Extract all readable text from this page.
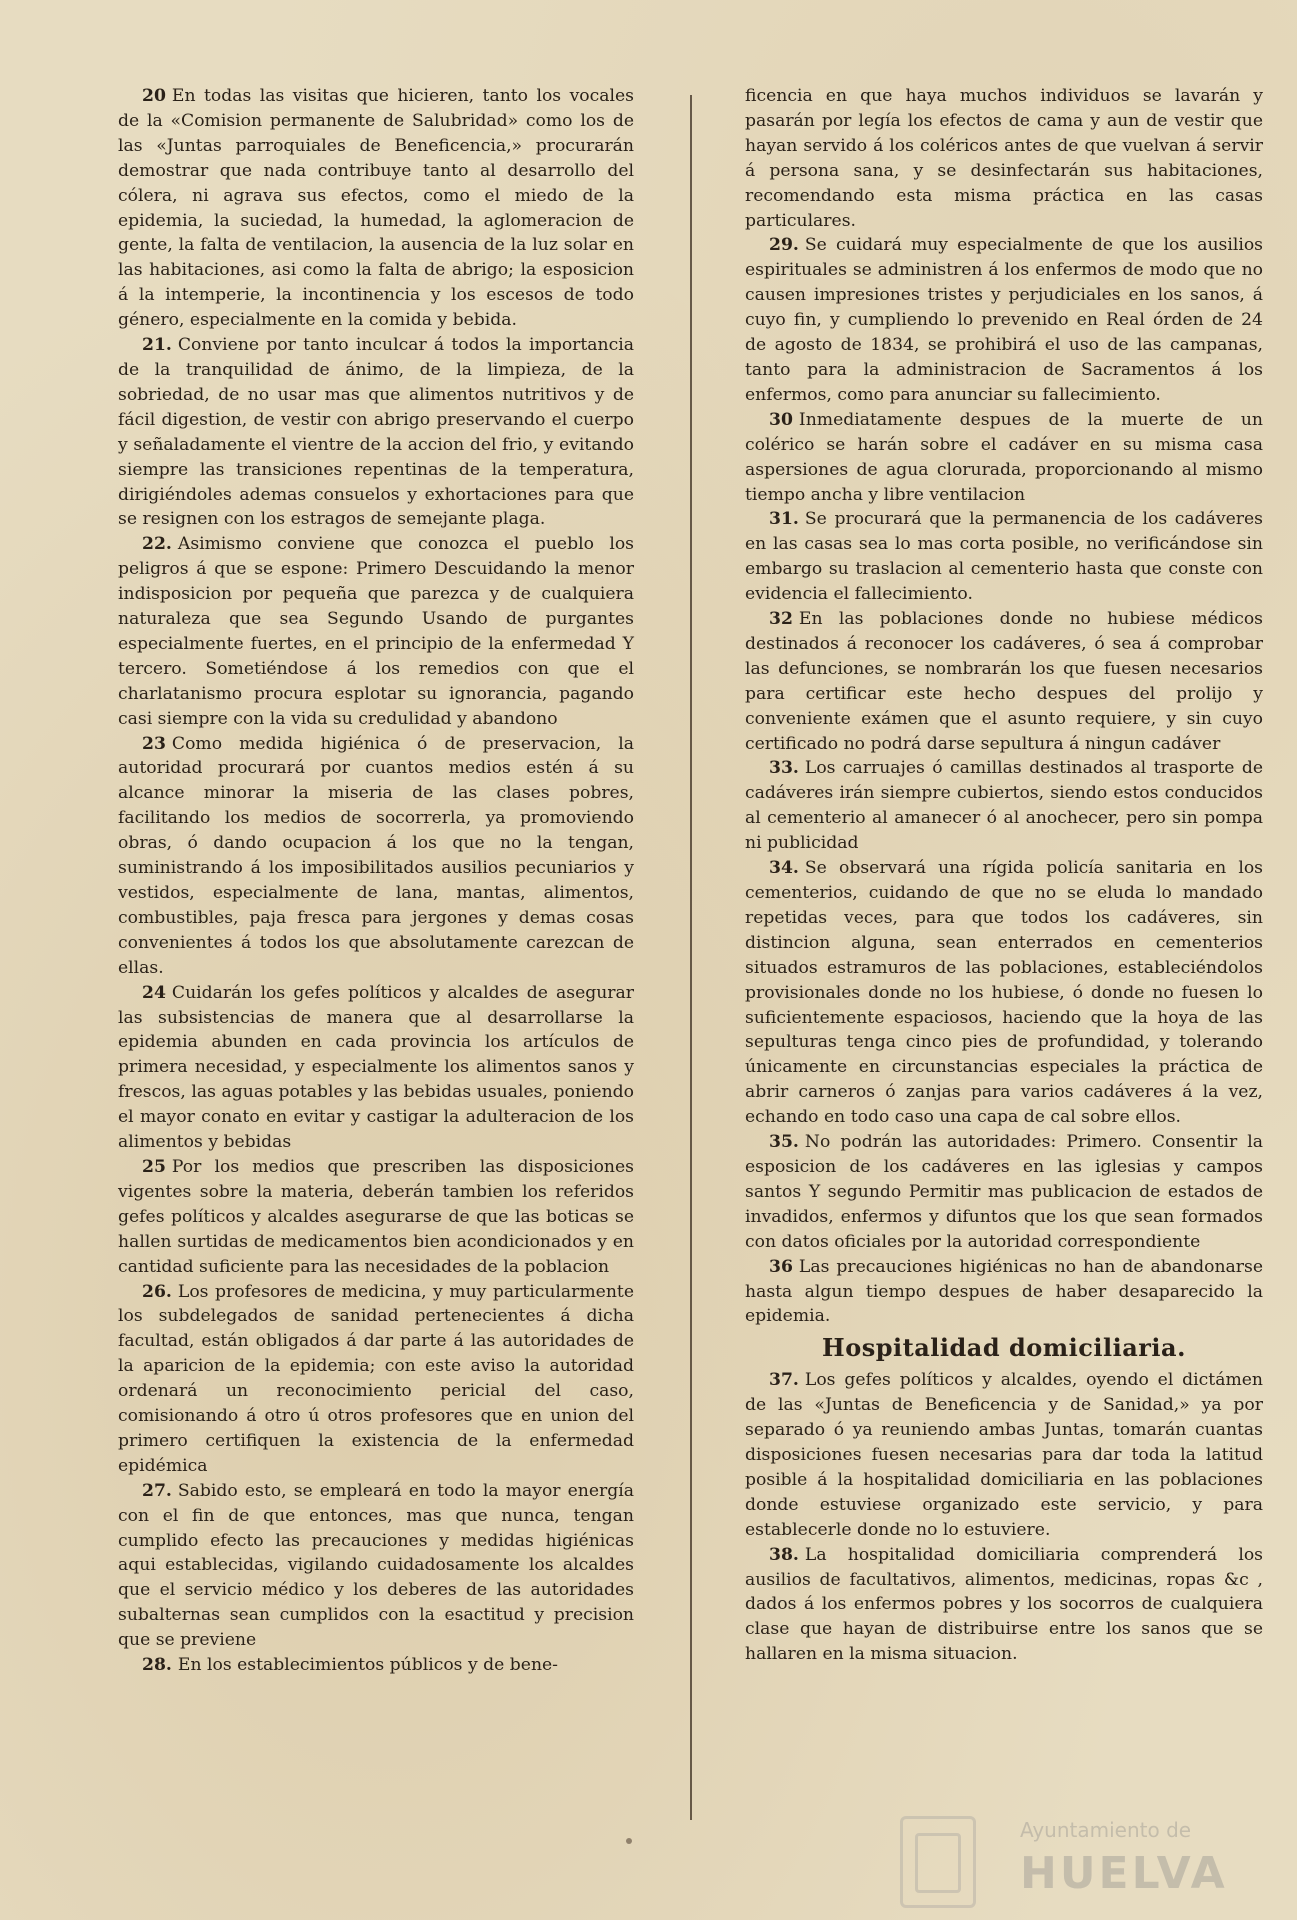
20 En todas las visitas que hicieren, tanto los vocales de la «Comision permanente de Salubridad» como los de las «Juntas parroquiales de Beneficencia,» procurarán demostrar que nada contribuye tanto al desarrollo del cólera, ni agrava sus efectos, como el miedo de la epidemia, la suciedad, la humedad, la aglomeracion de gente, la falta de ventilacion, la ausencia de la luz solar en las habitaciones, asi como la falta de abrigo; la esposicion á la intemperie, la incontinencia y los escesos de todo género, especialmente en la comida y bebida.

21. Conviene por tanto inculcar á todos la importancia de la tranquilidad de ánimo, de la limpieza, de la sobriedad, de no usar mas que alimentos nutritivos y de fácil digestion, de vestir con abrigo preservando el cuerpo y señaladamente el vientre de la accion del frio, y evitando siempre las transiciones repentinas de la temperatura, dirigiéndoles ademas consuelos y exhortaciones para que se resignen con los estragos de semejante plaga.

22. Asimismo conviene que conozca el pueblo los peligros á que se espone: Primero Descuidando la menor indisposicion por pequeña que parezca y de cualquiera naturaleza que sea Segundo Usando de purgantes especialmente fuertes, en el principio de la enfermedad Y tercero. Sometiéndose á los remedios con que el charlatanismo procura esplotar su ignorancia, pagando casi siempre con la vida su credulidad y abandono

23 Como medida higiénica ó de preservacion, la autoridad procurará por cuantos medios estén á su alcance minorar la miseria de las clases pobres, facilitando los medios de socorrerla, ya promoviendo obras, ó dando ocupacion á los que no la tengan, suministrando á los imposibilitados ausilios pecuniarios y vestidos, especialmente de lana, mantas, alimentos, combustibles, paja fresca para jergones y demas cosas convenientes á todos los que absolutamente carezcan de ellas.

24 Cuidarán los gefes políticos y alcaldes de asegurar las subsistencias de manera que al desarrollarse la epidemia abunden en cada provincia los artículos de primera necesidad, y especialmente los alimentos sanos y frescos, las aguas potables y las bebidas usuales, poniendo el mayor conato en evitar y castigar la adulteracion de los alimentos y bebidas

25 Por los medios que prescriben las disposiciones vigentes sobre la materia, deberán tambien los referidos gefes políticos y alcaldes asegurarse de que las boticas se hallen surtidas de medicamentos bien acondicionados y en cantidad suficiente para las necesidades de la poblacion

26. Los profesores de medicina, y muy particularmente los subdelegados de sanidad pertenecientes á dicha facultad, están obligados á dar parte á las autoridades de la aparicion de la epidemia; con este aviso la autoridad ordenará un reconocimiento pericial del caso, comisionando á otro ú otros profesores que en union del primero certifiquen la existencia de la enfermedad epidémica

27. Sabido esto, se empleará en todo la mayor energía con el fin de que entonces, mas que nunca, tengan cumplido efecto las precauciones y medidas higiénicas aqui establecidas, vigilando cuidadosamente los alcaldes que el servicio médico y los deberes de las autoridades subalternas sean cumplidos con la esactitud y precision que se previene

28. En los establecimientos públicos y de bene-

ficencia en que haya muchos individuos se lavarán y pasarán por legía los efectos de cama y aun de vestir que hayan servido á los coléricos antes de que vuelvan á servir á persona sana, y se desinfectarán sus habitaciones, recomendando esta misma práctica en las casas particulares.

29. Se cuidará muy especialmente de que los ausilios espirituales se administren á los enfermos de modo que no causen impresiones tristes y perjudiciales en los sanos, á cuyo fin, y cumpliendo lo prevenido en Real órden de 24 de agosto de 1834, se prohibirá el uso de las campanas, tanto para la administracion de Sacramentos á los enfermos, como para anunciar su fallecimiento.

30 Inmediatamente despues de la muerte de un colérico se harán sobre el cadáver en su misma casa aspersiones de agua clorurada, proporcionando al mismo tiempo ancha y libre ventilacion

31. Se procurará que la permanencia de los cadáveres en las casas sea lo mas corta posible, no verificándose sin embargo su traslacion al cementerio hasta que conste con evidencia el fallecimiento.

32 En las poblaciones donde no hubiese médicos destinados á reconocer los cadáveres, ó sea á comprobar las defunciones, se nombrarán los que fuesen necesarios para certificar este hecho despues del prolijo y conveniente exámen que el asunto requiere, y sin cuyo certificado no podrá darse sepultura á ningun cadáver

33. Los carruajes ó camillas destinados al trasporte de cadáveres irán siempre cubiertos, siendo estos conducidos al cementerio al amanecer ó al anochecer, pero sin pompa ni publicidad

34. Se observará una rígida policía sanitaria en los cementerios, cuidando de que no se eluda lo mandado repetidas veces, para que todos los cadáveres, sin distincion alguna, sean enterrados en cementerios situados estramuros de las poblaciones, estableciéndolos provisionales donde no los hubiese, ó donde no fuesen lo suficientemente espaciosos, haciendo que la hoya de las sepulturas tenga cinco pies de profundidad, y tolerando únicamente en circunstancias especiales la práctica de abrir carneros ó zanjas para varios cadáveres á la vez, echando en todo caso una capa de cal sobre ellos.

35. No podrán las autoridades: Primero. Consentir la esposicion de los cadáveres en las iglesias y campos santos Y segundo Permitir mas publicacion de estados de invadidos, enfermos y difuntos que los que sean formados con datos oficiales por la autoridad correspondiente

36 Las precauciones higiénicas no han de abandonarse hasta algun tiempo despues de haber desaparecido la epidemia.

Hospitalidad domiciliaria.

37. Los gefes políticos y alcaldes, oyendo el dictámen de las «Juntas de Beneficencia y de Sanidad,» ya por separado ó ya reuniendo ambas Juntas, tomarán cuantas disposiciones fuesen necesarias para dar toda la latitud posible á la hospitalidad domiciliaria en las poblaciones donde estuviese organizado este servicio, y para establecerle donde no lo estuviere.

38. La hospitalidad domiciliaria comprenderá los ausilios de facultativos, alimentos, medicinas, ropas &c , dados á los enfermos pobres y los socorros de cualquiera clase que hayan de distribuirse entre los sanos que se hallaren en la misma situacion.

Ayuntamiento de
HUELVA
